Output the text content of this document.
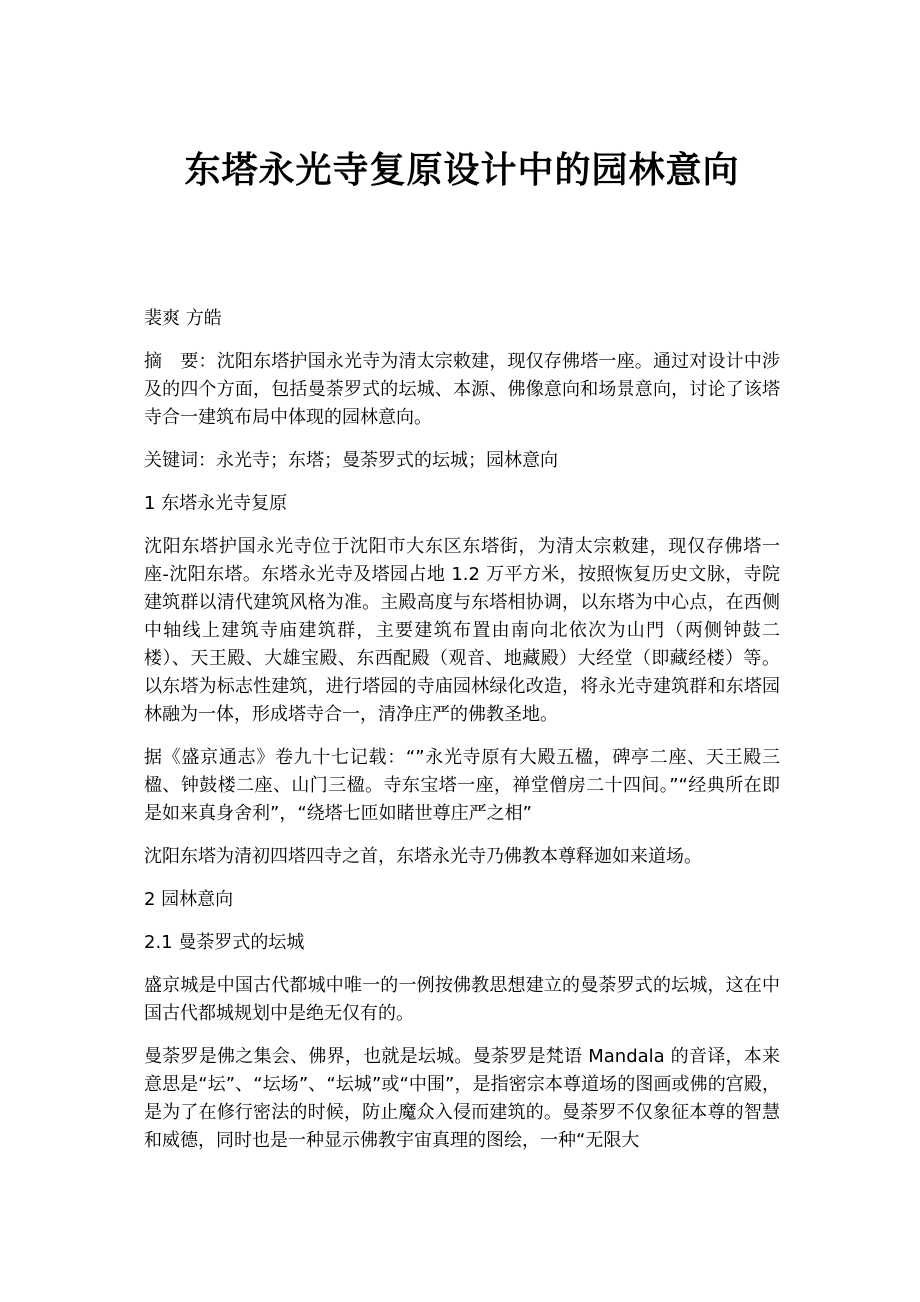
东塔永光寺复原设计中的园林意向

裴爽 方皓

摘　要：沈阳东塔护国永光寺为清太宗敕建，现仅存佛塔一座。通过对设计中涉及的四个方面，包括曼荼罗式的坛城、本源、佛像意向和场景意向，讨论了该塔寺合一建筑布局中体现的园林意向。

关键词：永光寺；东塔；曼荼罗式的坛城；园林意向

1 东塔永光寺复原

沈阳东塔护国永光寺位于沈阳市大东区东塔街，为清太宗敕建，现仅存佛塔一座-沈阳东塔。东塔永光寺及塔园占地 1.2 万平方米，按照恢复历史文脉，寺院建筑群以清代建筑风格为准。主殿高度与东塔相协调，以东塔为中心点，在西侧中轴线上建筑寺庙建筑群，主要建筑布置由南向北依次为山門（两侧钟鼓二楼）、天王殿、大雄宝殿、东西配殿（观音、地藏殿）大经堂（即藏经楼）等。以东塔为标志性建筑，进行塔园的寺庙园林绿化改造，将永光寺建筑群和东塔园林融为一体，形成塔寺合一，清净庄严的佛教圣地。

据《盛京通志》卷九十七记载：“”永光寺原有大殿五楹，碑亭二座、天王殿三楹、钟鼓楼二座、山门三楹。寺东宝塔一座，禅堂僧房二十四间。”“经典所在即是如来真身舍利”，“绕塔七匝如睹世尊庄严之相”

沈阳东塔为清初四塔四寺之首，东塔永光寺乃佛教本尊释迦如来道场。

2 园林意向

2.1 曼荼罗式的坛城

盛京城是中国古代都城中唯一的一例按佛教思想建立的曼荼罗式的坛城，这在中国古代都城规划中是绝无仅有的。

曼荼罗是佛之集会、佛界，也就是坛城。曼荼罗是梵语 Mandala 的音译，本来意思是“坛”、“坛场”、“坛城”或“中围”，是指密宗本尊道场的图画或佛的宫殿，是为了在修行密法的时候，防止魔众入侵而建筑的。曼荼罗不仅象征本尊的智慧和威德，同时也是一种显示佛教宇宙真理的图绘，一种“无限大
